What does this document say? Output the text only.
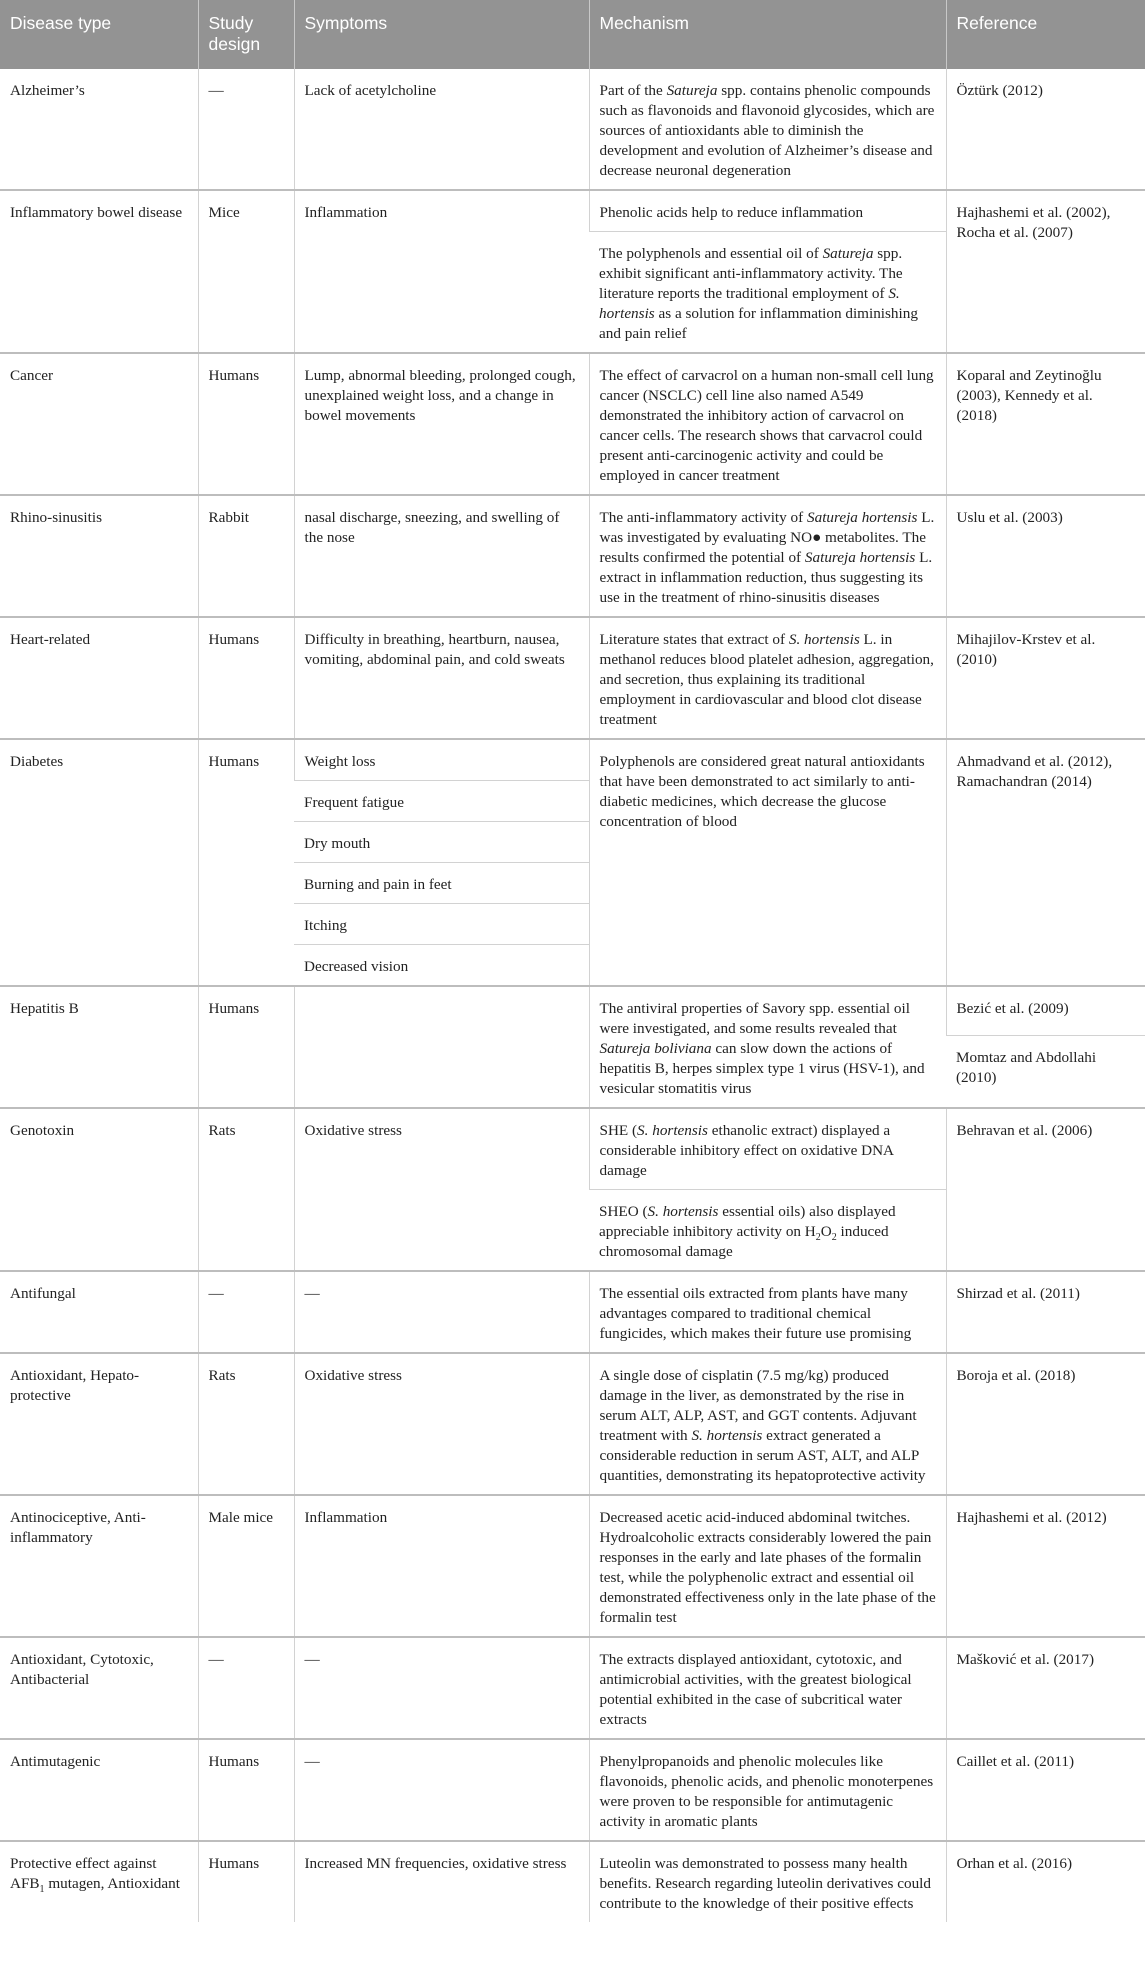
Disease type	Study design	Symptoms	Mechanism	Reference
Alzheimer’s	—	Lack of acetylcholine	Part of the Satureja spp. contains phenolic compounds such as flavonoids and flavonoid glycosides, which are sources of antioxidants able to diminish the development and evolution of Alzheimer’s disease and decrease neuronal degeneration	Öztürk (2012)
Inflammatory bowel disease	Mice	Inflammation	Phenolic acids help to reduce inflammation	Hajhashemi et al. (2002), Rocha et al. (2007)
			The polyphenols and essential oil of Satureja spp. exhibit significant anti-inflammatory activity. The literature reports the traditional employment of S. hortensis as a solution for inflammation diminishing and pain relief	
Cancer	Humans	Lump, abnormal bleeding, prolonged cough, unexplained weight loss, and a change in bowel movements	The effect of carvacrol on a human non-small cell lung cancer (NSCLC) cell line also named A549 demonstrated the inhibitory action of carvacrol on cancer cells. The research shows that carvacrol could present anti-carcinogenic activity and could be employed in cancer treatment	Koparal and Zeytinoğlu (2003), Kennedy et al. (2018)
Rhino-sinusitis	Rabbit	nasal discharge, sneezing, and swelling of the nose	The anti-inflammatory activity of Satureja hortensis L. was investigated by evaluating NO● metabolites. The results confirmed the potential of Satureja hortensis L. extract in inflammation reduction, thus suggesting its use in the treatment of rhino-sinusitis diseases	Uslu et al. (2003)
Heart-related	Humans	Difficulty in breathing, heartburn, nausea, vomiting, abdominal pain, and cold sweats	Literature states that extract of S. hortensis L. in methanol reduces blood platelet adhesion, aggregation, and secretion, thus explaining its traditional employment in cardiovascular and blood clot disease treatment	Mihajilov-Krstev et al. (2010)
Diabetes	Humans	Weight loss	Polyphenols are considered great natural antioxidants that have been demonstrated to act similarly to anti-diabetic medicines, which decrease the glucose concentration of blood	Ahmadvand et al. (2012), Ramachandran (2014)
		Frequent fatigue		
		Dry mouth		
		Burning and pain in feet		
		Itching		
		Decreased vision		
Hepatitis B	Humans		The antiviral properties of Savory spp. essential oil were investigated, and some results revealed that Satureja boliviana can slow down the actions of hepatitis B, herpes simplex type 1 virus (HSV-1), and vesicular stomatitis virus	Bezić et al. (2009)
				Momtaz and Abdollahi (2010)
Genotoxin	Rats	Oxidative stress	SHE (S. hortensis ethanolic extract) displayed a considerable inhibitory effect on oxidative DNA damage	Behravan et al. (2006)
			SHEO (S. hortensis essential oils) also displayed appreciable inhibitory activity on $H_2O_2$ induced chromosomal damage	
Antifungal	—	—	The essential oils extracted from plants have many advantages compared to traditional chemical fungicides, which makes their future use promising	Shirzad et al. (2011)
Antioxidant, Hepato-protective	Rats	Oxidative stress	A single dose of cisplatin (7.5 mg/kg) produced damage in the liver, as demonstrated by the rise in serum ALT, ALP, AST, and GGT contents. Adjuvant treatment with S. hortensis extract generated a considerable reduction in serum AST, ALT, and ALP quantities, demonstrating its hepatoprotective activity	Boroja et al. (2018)
Antinociceptive, Anti-inflammatory	Male mice	Inflammation	Decreased acetic acid-induced abdominal twitches. Hydroalcoholic extracts considerably lowered the pain responses in the early and late phases of the formalin test, while the polyphenolic extract and essential oil demonstrated effectiveness only in the late phase of the formalin test	Hajhashemi et al. (2012)
Antioxidant, Cytotoxic, Antibacterial	—	—	The extracts displayed antioxidant, cytotoxic, and antimicrobial activities, with the greatest biological potential exhibited in the case of subcritical water extracts	Mašković et al. (2017)
Antimutagenic	Humans	—	Phenylpropanoids and phenolic molecules like flavonoids, phenolic acids, and phenolic monoterpenes were proven to be responsible for antimutagenic activity in aromatic plants	Caillet et al. (2011)
Protective effect against $AFB_1$ mutagen, Antioxidant	Humans	Increased MN frequencies, oxidative stress	Luteolin was demonstrated to possess many health benefits. Research regarding luteolin derivatives could contribute to the knowledge of their positive effects	Orhan et al. (2016)
